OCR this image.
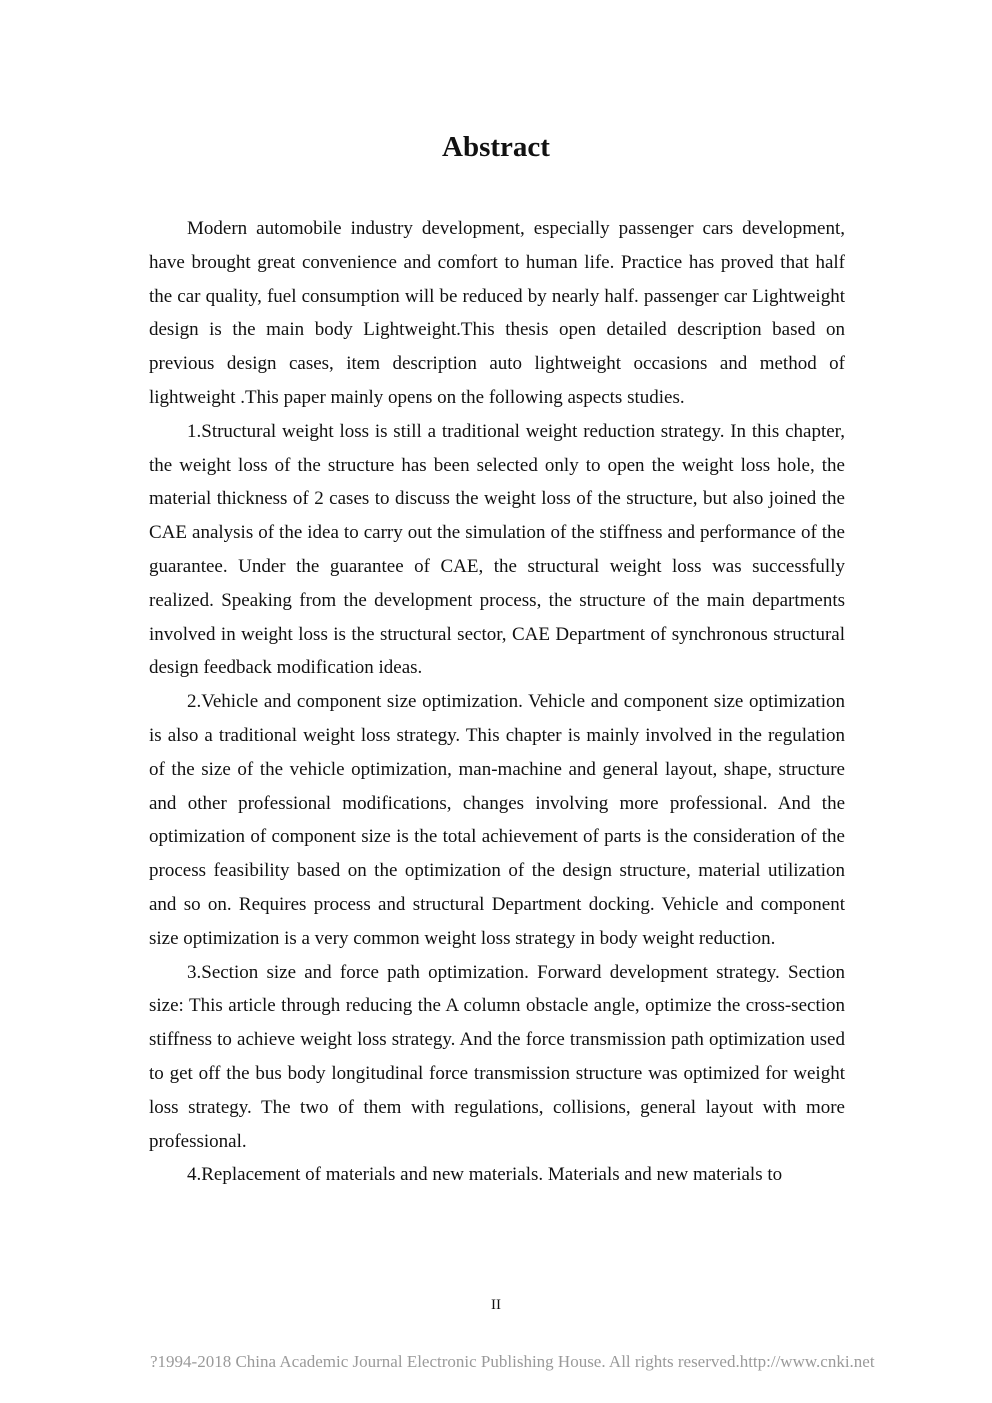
Abstract

Modern automobile industry development, especially passenger cars development, have brought great convenience and comfort to human life. Practice has proved that half the car quality, fuel consumption will be reduced by nearly half. passenger car Lightweight design is the main body Lightweight.This thesis open detailed description based on previous design cases, item description auto lightweight occasions and method of lightweight .This paper mainly opens on the following aspects studies.

1.Structural weight loss is still a traditional weight reduction strategy. In this chapter, the weight loss of the structure has been selected only to open the weight loss hole, the material thickness of 2 cases to discuss the weight loss of the structure, but also joined the CAE analysis of the idea to carry out the simulation of the stiffness and performance of the guarantee. Under the guarantee of CAE, the structural weight loss was successfully realized. Speaking from the development process, the structure of the main departments involved in weight loss is the structural sector, CAE Department of synchronous structural design feedback modification ideas.

2.Vehicle and component size optimization. Vehicle and component size optimization is also a traditional weight loss strategy. This chapter is mainly involved in the regulation of the size of the vehicle optimization, man-machine and general layout, shape, structure and other professional modifications, changes involving more professional. And the optimization of component size is the total achievement of parts is the consideration of the process feasibility based on the optimization of the design structure, material utilization and so on. Requires process and structural Department docking. Vehicle and component size optimization is a very common weight loss strategy in body weight reduction.

3.Section size and force path optimization. Forward development strategy. Section size: This article through reducing the A column obstacle angle, optimize the cross-section stiffness to achieve weight loss strategy. And the force transmission path optimization used to get off the bus body longitudinal force transmission structure was optimized for weight loss strategy. The two of them with regulations, collisions, general layout with more professional.

4.Replacement of materials and new materials. Materials and new materials to

II
?1994-2018 China Academic Journal Electronic Publishing House. All rights reserved. http://www.cnki.net
